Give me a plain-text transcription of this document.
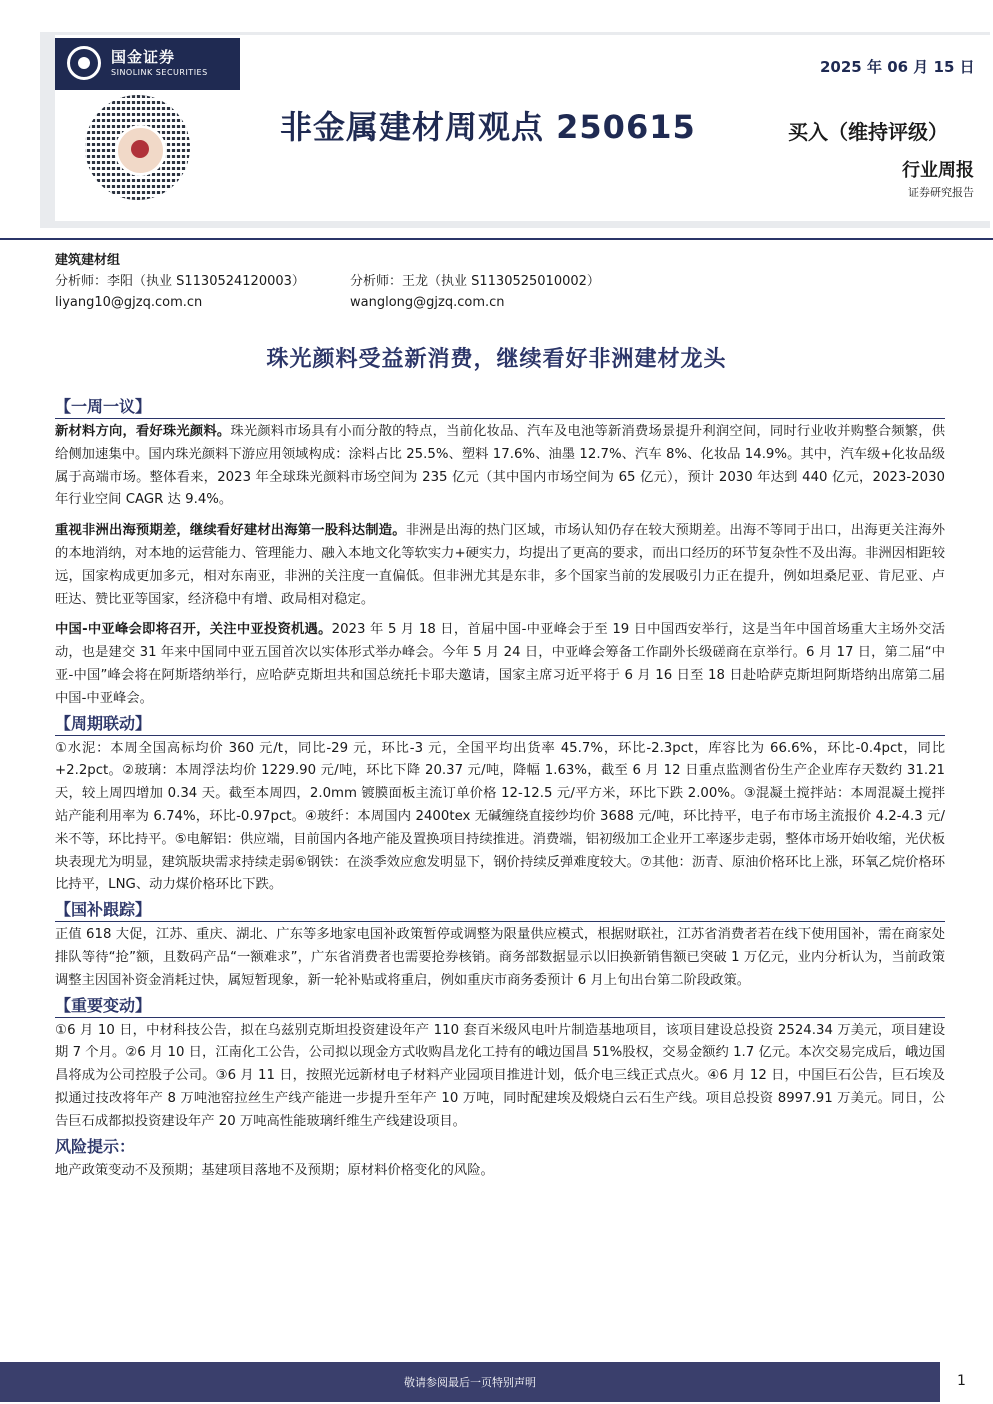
国金证券
SINOLINK SECURITIES	2025 年 06 月 15 日
非金属建材周观点 250615	买入（维持评级）
行业周报
证券研究报告
建筑建材组
分析师：李阳（执业 S1130524120003）
liyang10@gjzq.com.cn
分析师：王龙（执业 S1130525010002）
wanglong@gjzq.com.cn
珠光颜料受益新消费，继续看好非洲建材龙头
【一周一议】

新材料方向，看好珠光颜料。珠光颜料市场具有小而分散的特点，当前化妆品、汽车及电池等新消费场景提升利润空间，同时行业收并购整合频繁，供给侧加速集中。国内珠光颜料下游应用领域构成：涂料占比 25.5%、塑料 17.6%、油墨 12.7%、汽车 8%、化妆品 14.9%。其中，汽车级+化妆品级属于高端市场。整体看来，2023 年全球珠光颜料市场空间为 235 亿元（其中国内市场空间为 65 亿元），预计 2030 年达到 440 亿元，2023-2030 年行业空间 CAGR 达 9.4%。

重视非洲出海预期差，继续看好建材出海第一股科达制造。非洲是出海的热门区域，市场认知仍存在较大预期差。出海不等同于出口，出海更关注海外的本地消纳，对本地的运营能力、管理能力、融入本地文化等软实力+硬实力，均提出了更高的要求，而出口经历的环节复杂性不及出海。非洲因相距较远，国家构成更加多元，相对东南亚，非洲的关注度一直偏低。但非洲尤其是东非，多个国家当前的发展吸引力正在提升，例如坦桑尼亚、肯尼亚、卢旺达、赞比亚等国家，经济稳中有增、政局相对稳定。

中国-中亚峰会即将召开，关注中亚投资机遇。2023 年 5 月 18 日，首届中国-中亚峰会于至 19 日中国西安举行，这是当年中国首场重大主场外交活动，也是建交 31 年来中国同中亚五国首次以实体形式举办峰会。今年 5 月 24 日，中亚峰会筹备工作副外长级磋商在京举行。6 月 17 日，第二届“中亚-中国”峰会将在阿斯塔纳举行，应哈萨克斯坦共和国总统托卡耶夫邀请，国家主席习近平将于 6 月 16 日至 18 日赴哈萨克斯坦阿斯塔纳出席第二届中国-中亚峰会。

【周期联动】

①水泥：本周全国高标均价 360 元/t，同比-29 元，环比-3 元，全国平均出货率 45.7%，环比-2.3pct，库容比为 66.6%，环比-0.4pct，同比+2.2pct。②玻璃：本周浮法均价 1229.90 元/吨，环比下降 20.37 元/吨，降幅 1.63%，截至 6 月 12 日重点监测省份生产企业库存天数约 31.21 天，较上周四增加 0.34 天。截至本周四，2.0mm 镀膜面板主流订单价格 12-12.5 元/平方米，环比下跌 2.00%。③混凝土搅拌站：本周混凝土搅拌站产能利用率为 6.74%，环比-0.97pct。④玻纤：本周国内 2400tex 无碱缠绕直接纱均价 3688 元/吨，环比持平，电子布市场主流报价 4.2-4.3 元/米不等，环比持平。⑤电解铝：供应端，目前国内各地产能及置换项目持续推进。消费端，铝初级加工企业开工率逐步走弱，整体市场开始收缩，光伏板块表现尤为明显，建筑版块需求持续走弱⑥钢铁：在淡季效应愈发明显下，钢价持续反弹难度较大。⑦其他：沥青、原油价格环比上涨，环氧乙烷价格环比持平，LNG、动力煤价格环比下跌。

【国补跟踪】

正值 618 大促，江苏、重庆、湖北、广东等多地家电国补政策暂停或调整为限量供应模式，根据财联社，江苏省消费者若在线下使用国补，需在商家处排队等待“抢”额，且数码产品“一额难求”，广东省消费者也需要抢券核销。商务部数据显示以旧换新销售额已突破 1 万亿元，业内分析认为，当前政策调整主因国补资金消耗过快，属短暂现象，新一轮补贴或将重启，例如重庆市商务委预计 6 月上旬出台第二阶段政策。

【重要变动】

①6 月 10 日，中材科技公告，拟在乌兹别克斯坦投资建设年产 110 套百米级风电叶片制造基地项目，该项目建设总投资 2524.34 万美元，项目建设期 7 个月。②6 月 10 日，江南化工公告，公司拟以现金方式收购昌龙化工持有的峨边国昌 51%股权，交易金额约 1.7 亿元。本次交易完成后，峨边国昌将成为公司控股子公司。③6 月 11 日，按照光远新材电子材料产业园项目推进计划，低介电三线正式点火。④6 月 12 日，中国巨石公告，巨石埃及拟通过技改将年产 8 万吨池窑拉丝生产线产能进一步提升至年产 10 万吨，同时配建埃及煅烧白云石生产线。项目总投资 8997.91 万美元。同日，公告巨石成都拟投资建设年产 20 万吨高性能玻璃纤维生产线建设项目。

风险提示：

地产政策变动不及预期；基建项目落地不及预期；原材料价格变化的风险。

敬请参阅最后一页特别声明	1
